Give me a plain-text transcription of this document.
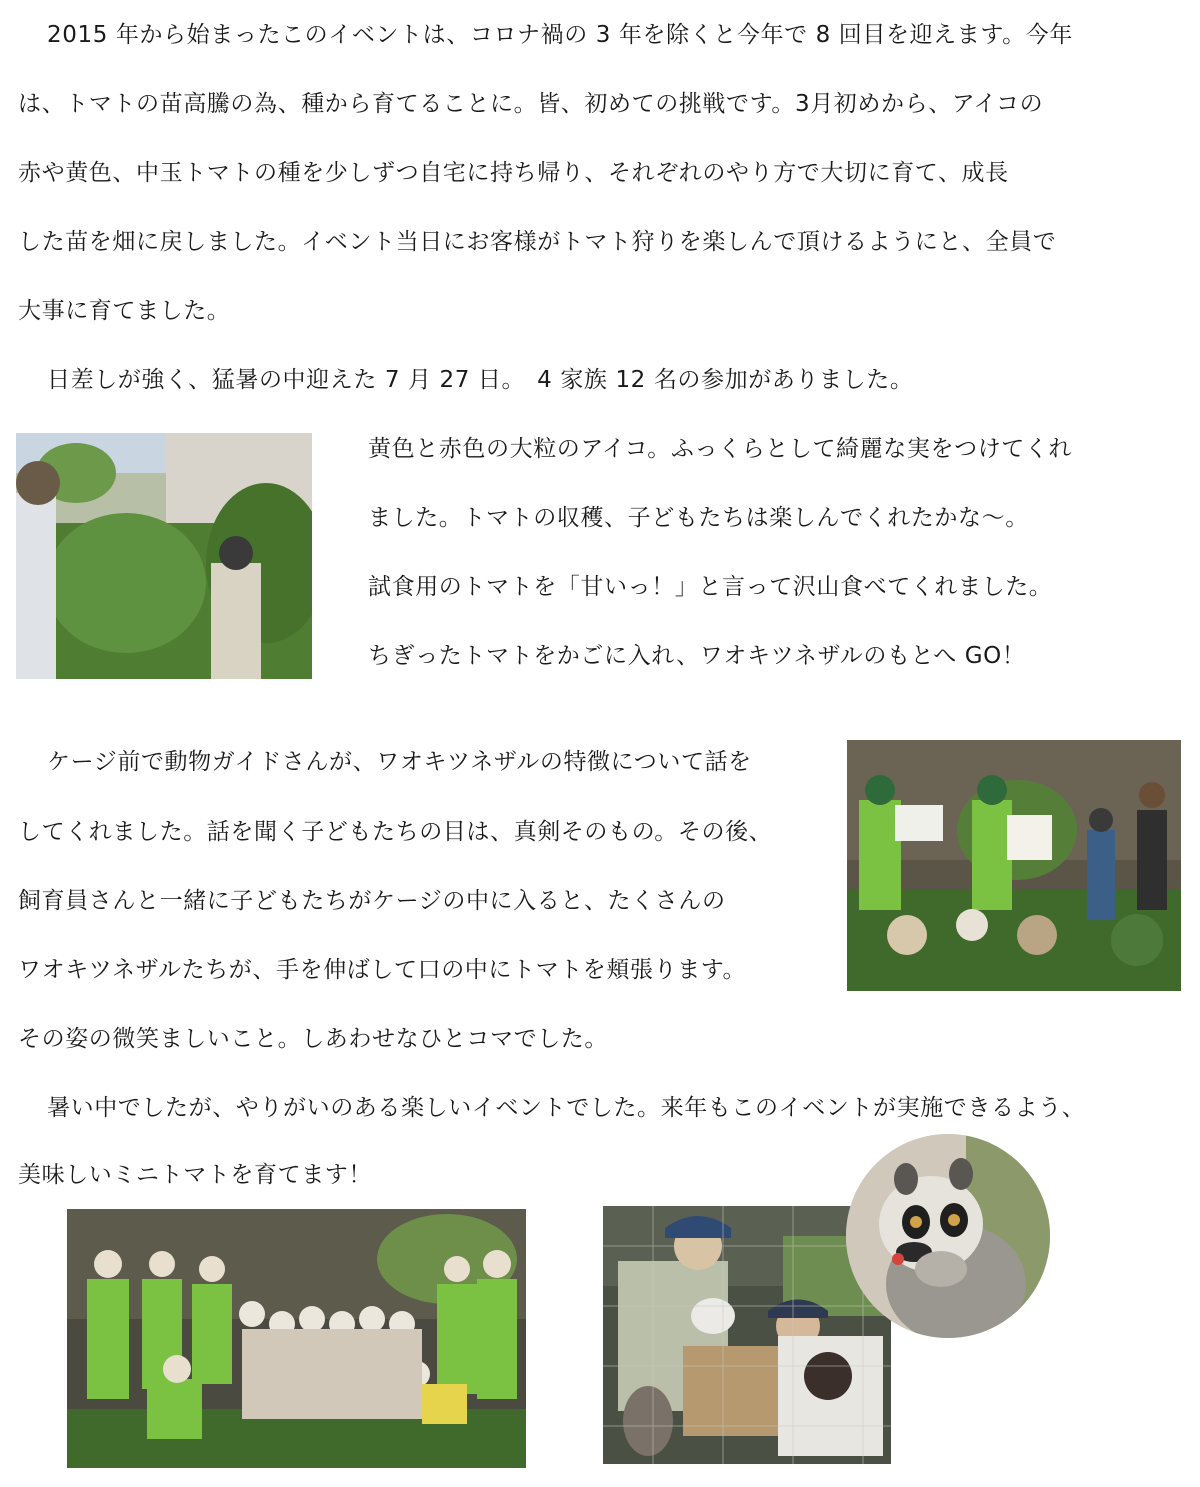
2015 年から始まったこのイベントは、コロナ禍の 3 年を除くと今年で 8 回目を迎えます。今年
は、トマトの苗高騰の為、種から育てることに。皆、初めての挑戦です。3月初めから、アイコの
赤や黄色、中玉トマトの種を少しずつ自宅に持ち帰り、それぞれのやり方で大切に育て、成長
した苗を畑に戻しました。イベント当日にお客様がトマト狩りを楽しんで頂けるようにと、全員で
大事に育てました。
日差しが強く、猛暑の中迎えた 7 月 27 日。　4 家族 12 名の参加がありました。
黄色と赤色の大粒のアイコ。ふっくらとして綺麗な実をつけてくれ
ました。トマトの収穫、子どもたちは楽しんでくれたかな～。
試食用のトマトを「甘いっ！」と言って沢山食べてくれました。
ちぎったトマトをかごに入れ、ワオキツネザルのもとへ GO！
ケージ前で動物ガイドさんが、ワオキツネザルの特徴について話を
してくれました。話を聞く子どもたちの目は、真剣そのもの。その後、
飼育員さんと一緒に子どもたちがケージの中に入ると、たくさんの
ワオキツネザルたちが、手を伸ばして口の中にトマトを頬張ります。
その姿の微笑ましいこと。しあわせなひとコマでした。
暑い中でしたが、やりがいのある楽しいイベントでした。来年もこのイベントが実施できるよう、
美味しいミニトマトを育てます！
